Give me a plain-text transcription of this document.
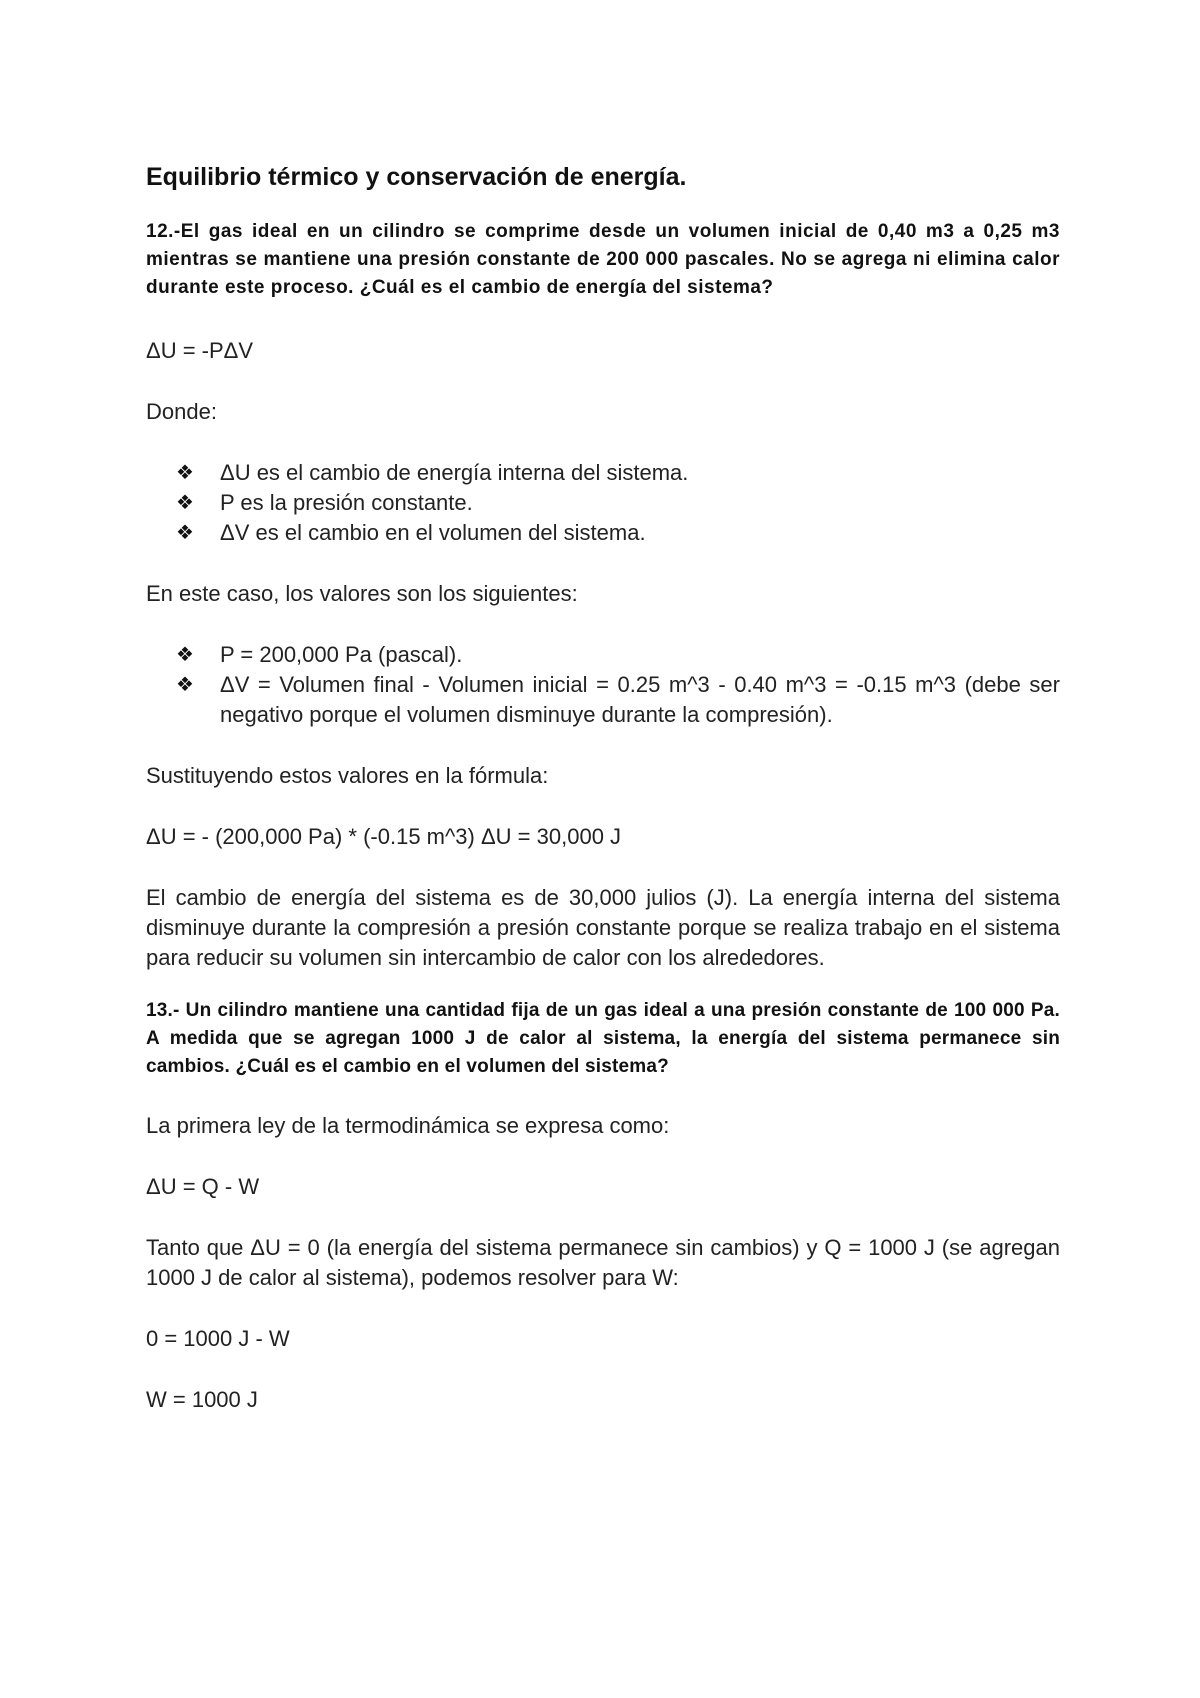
Equilibrio térmico y conservación de energía.

12.-El gas ideal en un cilindro se comprime desde un volumen inicial de 0,40 m3 a 0,25 m3 mientras se mantiene una presión constante de 200 000 pascales. No se agrega ni elimina calor durante este proceso. ¿Cuál es el cambio de energía del sistema?

ΔU = -PΔV

Donde:

❖ ΔU es el cambio de energía interna del sistema.
❖ P es la presión constante.
❖ ΔV es el cambio en el volumen del sistema.

En este caso, los valores son los siguientes:

❖ P = 200,000 Pa (pascal).
❖ ΔV = Volumen final - Volumen inicial = 0.25 m^3 - 0.40 m^3 = -0.15 m^3 (debe ser negativo porque el volumen disminuye durante la compresión).

Sustituyendo estos valores en la fórmula:

ΔU = - (200,000 Pa) * (-0.15 m^3) ΔU = 30,000 J

El cambio de energía del sistema es de 30,000 julios (J). La energía interna del sistema disminuye durante la compresión a presión constante porque se realiza trabajo en el sistema para reducir su volumen sin intercambio de calor con los alrededores.

13.- Un cilindro mantiene una cantidad fija de un gas ideal a una presión constante de 100 000 Pa. A medida que se agregan 1000 J de calor al sistema, la energía del sistema permanece sin cambios. ¿Cuál es el cambio en el volumen del sistema?

La primera ley de la termodinámica se expresa como:

ΔU = Q - W

Tanto que ΔU = 0 (la energía del sistema permanece sin cambios) y Q = 1000 J (se agregan 1000 J de calor al sistema), podemos resolver para W:

0 = 1000 J - W

W = 1000 J
